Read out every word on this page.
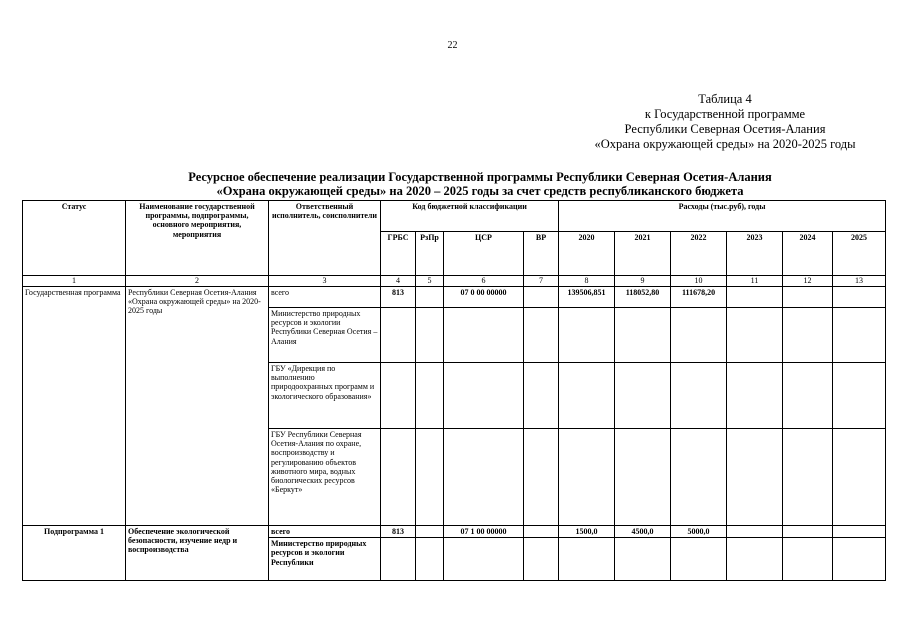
22
Таблица 4
к Государственной программе
Республики Северная Осетия-Алания
«Охрана окружающей среды» на 2020-2025 годы
Ресурсное обеспечение реализации Государственной программы Республики Северная Осетия-Алания
«Охрана окружающей среды» на 2020 – 2025 годы за счет средств республиканского бюджета
Статус	Наименование государственной программы, подпрограммы, основного мероприятия, мероприятия	Ответственный исполнитель, соисполнители	Код бюджетной классификации				Расходы (тыс.руб), годы					
			ГРБС	РзПр	ЦСР	ВР	2020	2021	2022	2023	2024	2025
1	2	3	4	5	6	7	8	9	10	11	12	13
Государственная программа	Республики Северная Осетия-Алания «Охрана окружающей среды» на 2020-2025 годы	всего	813		07 0 00 00000		139506,851	118052,80	111678,20			
		Министерство природных ресурсов и экологии Республики Северная Осетия – Алания										
		ГБУ «Дирекция по выполнению природоохранных программ и экологического образования»										
		ГБУ Республики Северная Осетия-Алания по охране, воспроизводству и регулированию объектов животного мира, водных биологических ресурсов «Беркут»										
Подпрограмма 1	Обеспечение экологической безопасности, изучение недр и воспроизводства	всего	813		07 1 00 00000		1500,0	4500,0	5000,0			
		Министерство природных ресурсов и экологии Республики										
